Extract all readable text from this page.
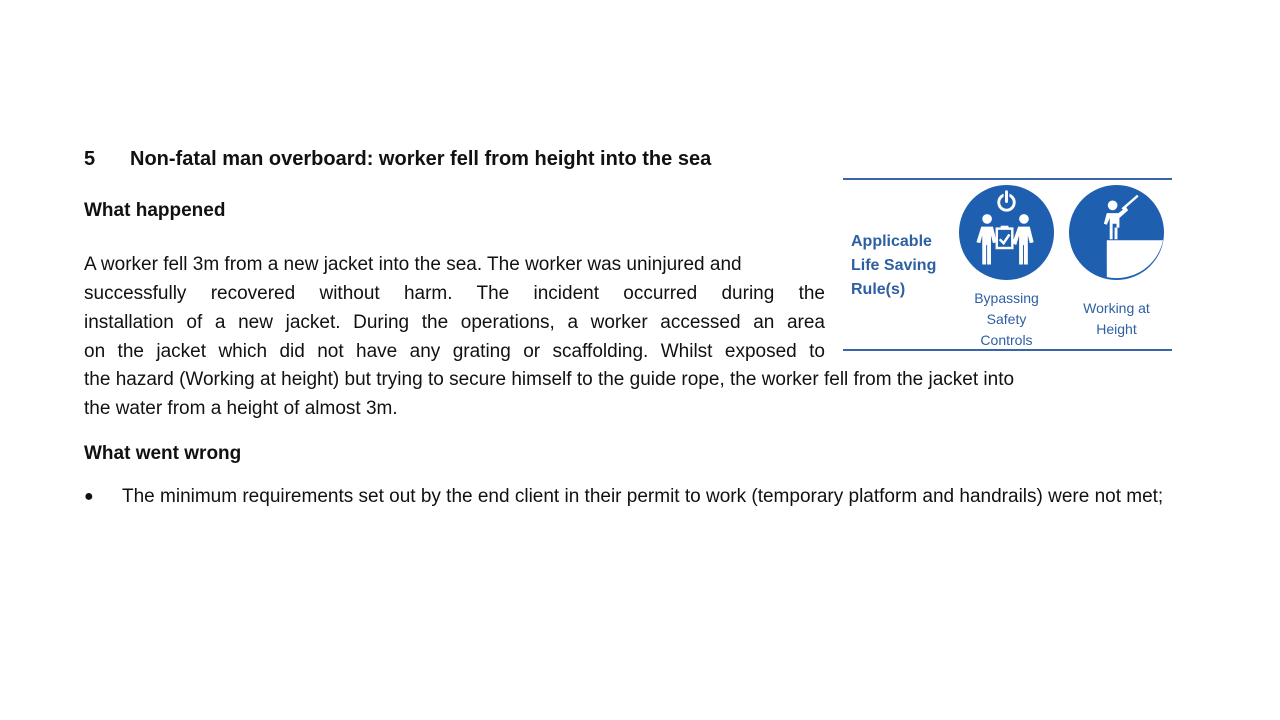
5	Non-fatal man overboard: worker fell from height into the sea
What happened
A worker fell 3m from a new jacket into the sea. The worker was uninjured and
successfully recovered without harm. The incident occurred during the
installation of a new jacket. During the operations, a worker accessed an area
on the jacket which did not have any grating or scaffolding. Whilst exposed to
the hazard (Working at height) but trying to secure himself to the guide rope, the worker fell from the jacket into
the water from a height of almost 3m.
Applicable
Life Saving
Rule(s)	Bypassing
Safety
Controls
Working at
Height
What went wrong
●	The minimum requirements set out by the end client in their permit to work (temporary platform and handrails) were not met;
